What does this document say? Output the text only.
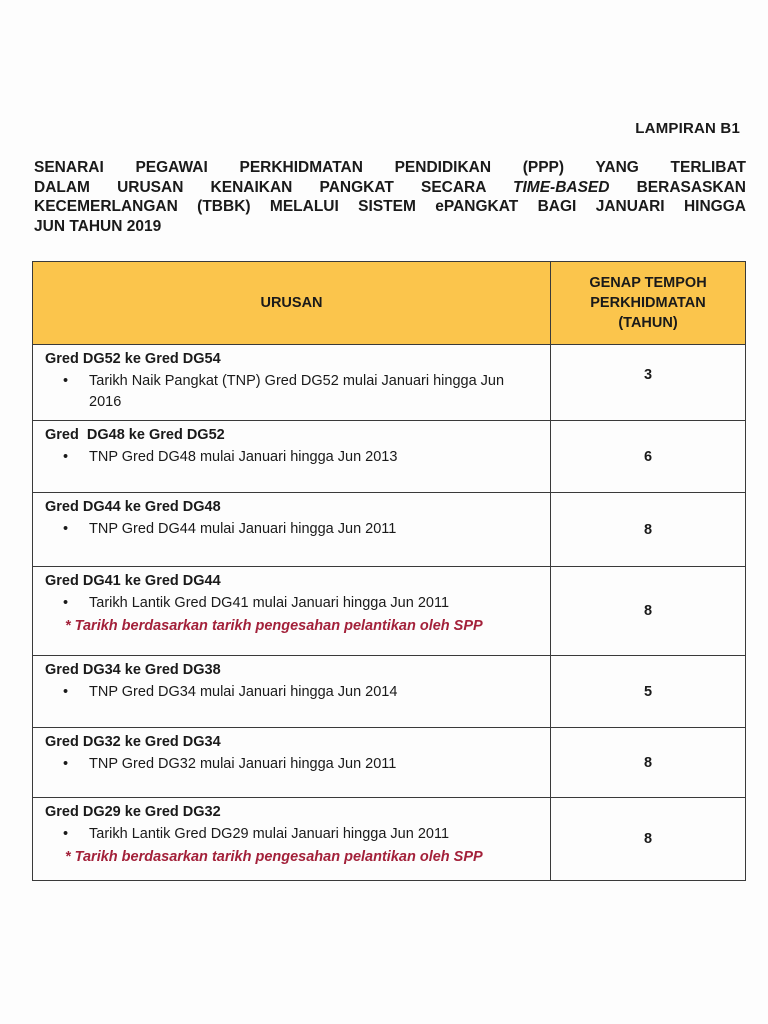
LAMPIRAN B1
SENARAI PEGAWAI PERKHIDMATAN PENDIDIKAN (PPP) YANG TERLIBAT
DALAM URUSAN KENAIKAN PANGKAT SECARA TIME-BASED BERASASKAN
KECEMERLANGAN (TBBK) MELALUI SISTEM ePANGKAT BAGI JANUARI HINGGA
JUN TAHUN 2019
URUSAN	GENAP TEMPOH
PERKHIDMATAN
(TAHUN)

Gred DG52 ke Gred DG54
• Tarikh Naik Pangkat (TNP) Gred DG52 mulai Januari hingga Jun 2016	3

Gred  DG48 ke Gred DG52
• TNP Gred DG48 mulai Januari hingga Jun 2013	6

Gred DG44 ke Gred DG48
• TNP Gred DG44 mulai Januari hingga Jun 2011	8

Gred DG41 ke Gred DG44
• Tarikh Lantik Gred DG41 mulai Januari hingga Jun 2011
* Tarikh berdasarkan tarikh pengesahan pelantikan oleh SPP	8

Gred DG34 ke Gred DG38
• TNP Gred DG34 mulai Januari hingga Jun 2014	5

Gred DG32 ke Gred DG34
• TNP Gred DG32 mulai Januari hingga Jun 2011	8

Gred DG29 ke Gred DG32
• Tarikh Lantik Gred DG29 mulai Januari hingga Jun 2011
* Tarikh berdasarkan tarikh pengesahan pelantikan oleh SPP	8
